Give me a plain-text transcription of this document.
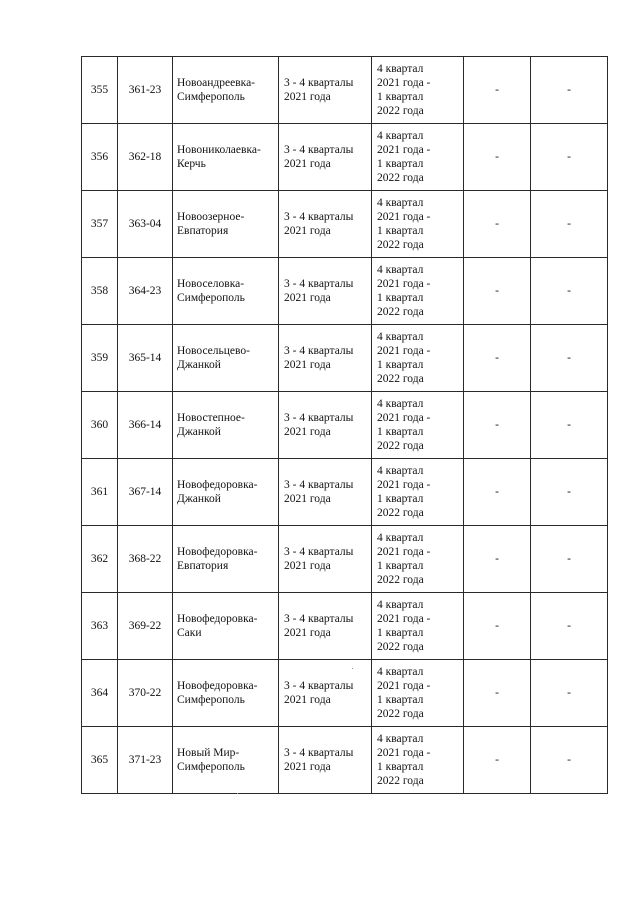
355	361-23	Новоандреевка-
Симферополь	3 - 4 кварталы
2021 года	4 квартал
2021 года -
1 квартал
2022 года	-	-
356	362-18	Новониколаевка-
Керчь	3 - 4 кварталы
2021 года	4 квартал
2021 года -
1 квартал
2022 года	-	-
357	363-04	Новоозерное-
Евпатория	3 - 4 кварталы
2021 года	4 квартал
2021 года -
1 квартал
2022 года	-	-
358	364-23	Новоселовка-
Симферополь	3 - 4 кварталы
2021 года	4 квартал
2021 года -
1 квартал
2022 года	-	-
359	365-14	Новосельцево-
Джанкой	3 - 4 кварталы
2021 года	4 квартал
2021 года -
1 квартал
2022 года	-	-
360	366-14	Новостепное-
Джанкой	3 - 4 кварталы
2021 года	4 квартал
2021 года -
1 квартал
2022 года	-	-
361	367-14	Новофедоровка-
Джанкой	3 - 4 кварталы
2021 года	4 квартал
2021 года -
1 квартал
2022 года	-	-
362	368-22	Новофедоровка-
Евпатория	3 - 4 кварталы
2021 года	4 квартал
2021 года -
1 квартал
2022 года	-	-
363	369-22	Новофедоровка-
Саки	3 - 4 кварталы
2021 года	4 квартал
2021 года -
1 квартал
2022 года	-	-
364	370-22	Новофедоровка-
Симферополь	3 - 4 кварталы
2021 года	4 квартал
2021 года -
1 квартал
2022 года	-	-
365	371-23	Новый Мир-
Симферополь	3 - 4 кварталы
2021 года	4 квартал
2021 года -
1 квартал
2022 года	-	-
